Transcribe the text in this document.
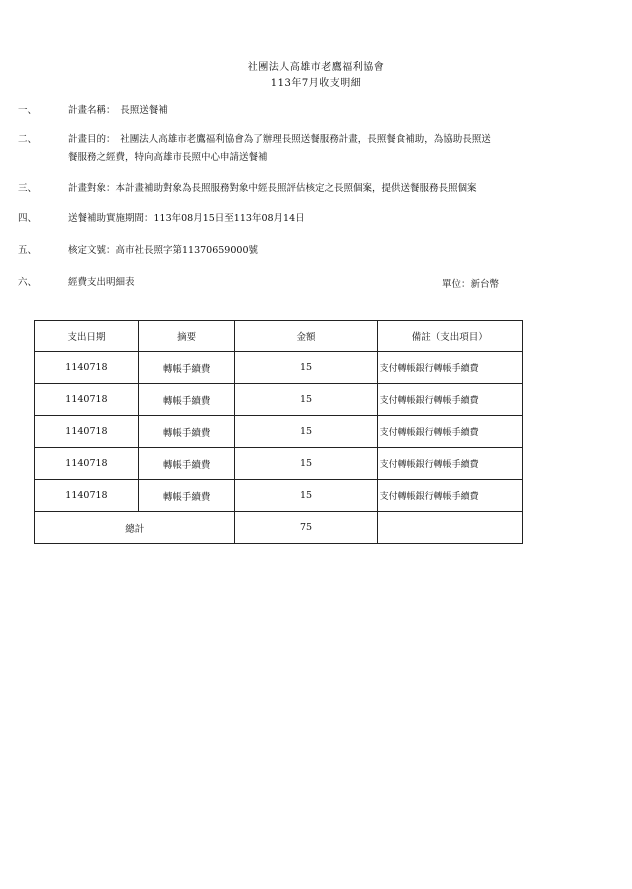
社團法人高雄市老鷹福利協會
113年7月收支明細
一、	計畫名稱：　長照送餐補
二、	計畫目的：　社團法人高雄市老鷹福利協會為了辦理長照送餐服務計畫，長照餐食補助，為協助長照送
餐服務之經費，特向高雄市長照中心申請送餐補
三、	計畫對象：本計畫補助對象為長照服務對象中經長照評估核定之長照個案，提供送餐服務長照個案
四、	送餐補助實施期間：113年08月15日至113年08月14日
五、	核定文號：高市社長照字第11370659000號
六、	經費支出明細表	單位：新台幣
支出日期	摘要	金額	備註（支出項目）
1140718	轉帳手續費	15	支付轉帳銀行轉帳手續費
1140718	轉帳手續費	15	支付轉帳銀行轉帳手續費
1140718	轉帳手續費	15	支付轉帳銀行轉帳手續費
1140718	轉帳手續費	15	支付轉帳銀行轉帳手續費
1140718	轉帳手續費	15	支付轉帳銀行轉帳手續費
總計		75	
